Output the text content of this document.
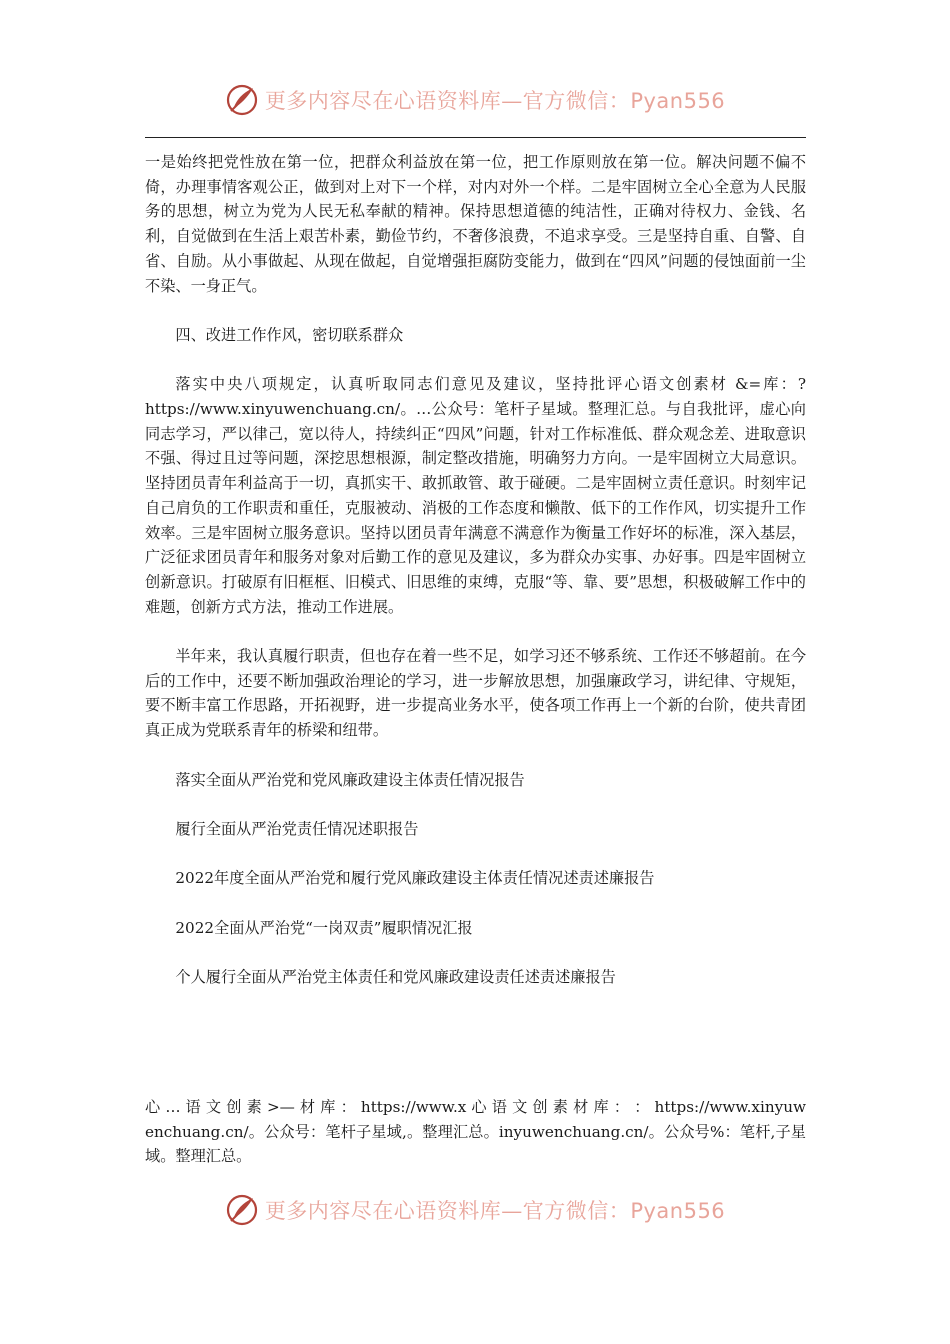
更多内容尽在心语资料库—官方微信：Pyan556

一是始终把党性放在第一位，把群众利益放在第一位，把工作原则放在第一位。解决问题不偏不倚，办理事情客观公正，做到对上对下一个样，对内对外一个样。二是牢固树立全心全意为人民服务的思想，树立为党为人民无私奉献的精神。保持思想道德的纯洁性，正确对待权力、金钱、名利，自觉做到在生活上艰苦朴素，勤俭节约，不奢侈浪费，不追求享受。三是坚持自重、自警、自省、自励。从小事做起、从现在做起，自觉增强拒腐防变能力，做到在“四风”问题的侵蚀面前一尘不染、一身正气。

四、改进工作作风，密切联系群众

落实中央八项规定，认真听取同志们意见及建议，坚持批评心语文创素材 &=库：?https://www.xinyuwenchuang.cn/。…公众号：笔杆子星域。整理汇总。与自我批评，虚心向同志学习，严以律己，宽以待人，持续纠正“四风”问题，针对工作标准低、群众观念差、进取意识不强、得过且过等问题，深挖思想根源，制定整改措施，明确努力方向。一是牢固树立大局意识。坚持团员青年利益高于一切，真抓实干、敢抓敢管、敢于碰硬。二是牢固树立责任意识。时刻牢记自己肩负的工作职责和重任，克服被动、消极的工作态度和懒散、低下的工作作风，切实提升工作效率。三是牢固树立服务意识。坚持以团员青年满意不满意作为衡量工作好坏的标准，深入基层，广泛征求团员青年和服务对象对后勤工作的意见及建议，多为群众办实事、办好事。四是牢固树立创新意识。打破原有旧框框、旧模式、旧思维的束缚，克服“等、靠、要”思想，积极破解工作中的难题，创新方式方法，推动工作进展。

半年来，我认真履行职责，但也存在着一些不足，如学习还不够系统、工作还不够超前。在今后的工作中，还要不断加强政治理论的学习，进一步解放思想，加强廉政学习，讲纪律、守规矩，要不断丰富工作思路，开拓视野，进一步提高业务水平，使各项工作再上一个新的台阶，使共青团真正成为党联系青年的桥梁和纽带。

落实全面从严治党和党风廉政建设主体责任情况报告

履行全面从严治党责任情况述职报告

2022年度全面从严治党和履行党风廉政建设主体责任情况述责述廉报告

2022全面从严治党“一岗双责”履职情况汇报

个人履行全面从严治党主体责任和党风廉政建设责任述责述廉报告

心 … 语 文 创 素 >— 材 库 ： https://www.x 心 语 文 创 素 材 库 ： ： https://www.xinyuwenchuang.cn/。公众号：笔杆子星域,。整理汇总。inyuwenchuang.cn/。公众号%：笔杆,子星域。整理汇总。
更多内容尽在心语资料库—官方微信：Pyan556
